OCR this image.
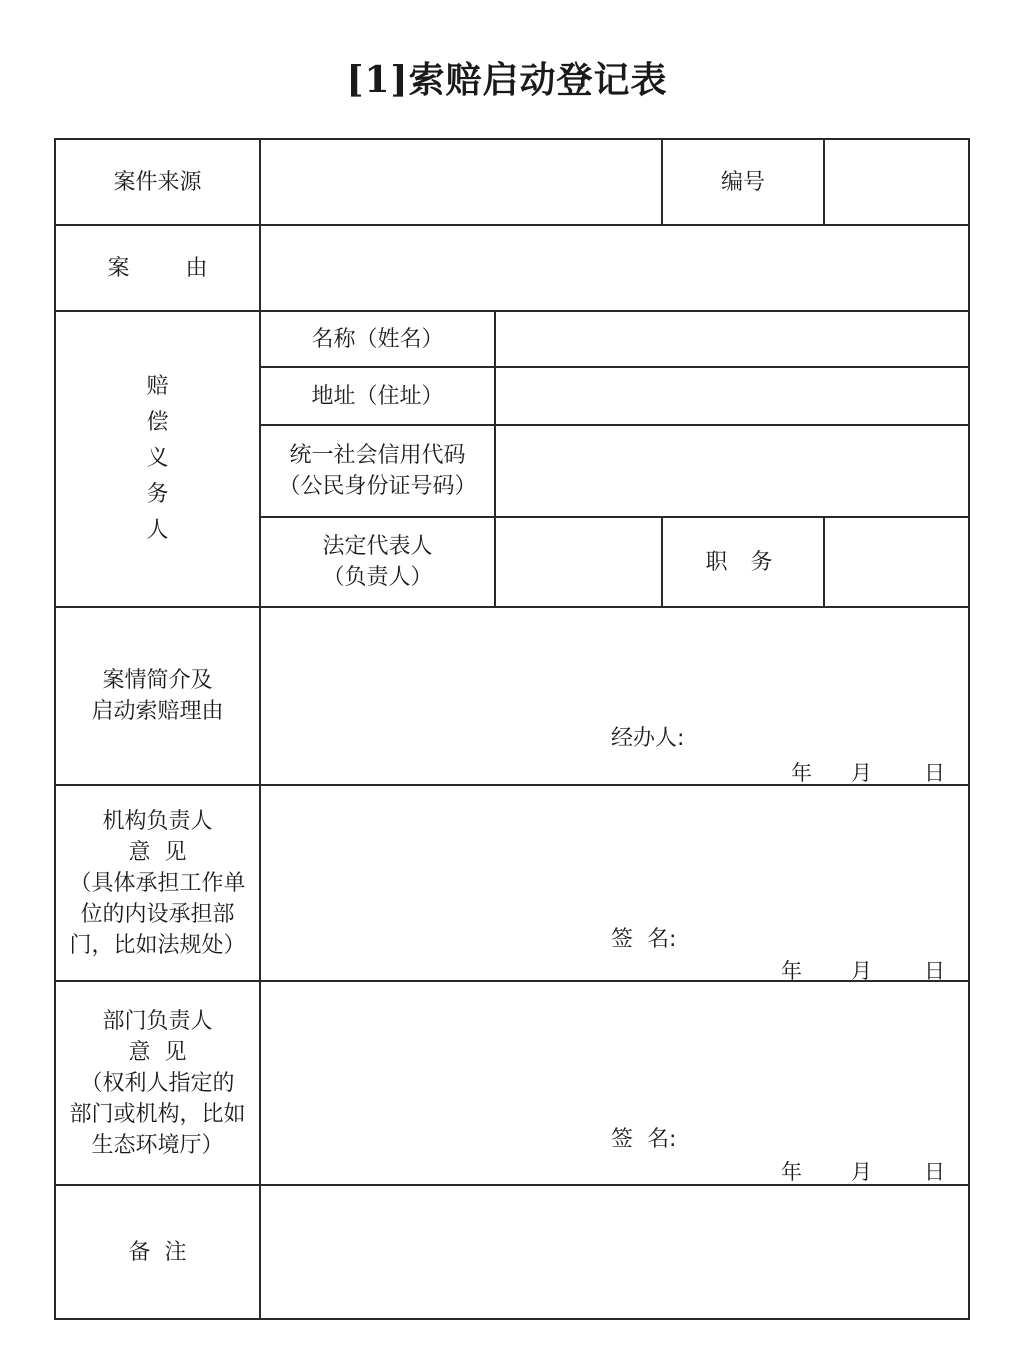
[1]索赔启动登记表
案件来源			编号	
案 由				

赔
偿
义
务
人	名称（姓名）			
	地址（住址）			

	统一社会信用代码
（公民身份证号码）			

	法定代表人
（负责人）		职 务	

案情简介及
启动索赔理由	经办人:
年 月 日			

机构负责人
意  见
（具体承担工作单
位的内设承担部
门，比如法规处）	签  名:
年 月 日			

部门负责人
意  见
（权利人指定的
部门或机构，比如
生态环境厅）	签  名:
年 月 日			

备  注				
